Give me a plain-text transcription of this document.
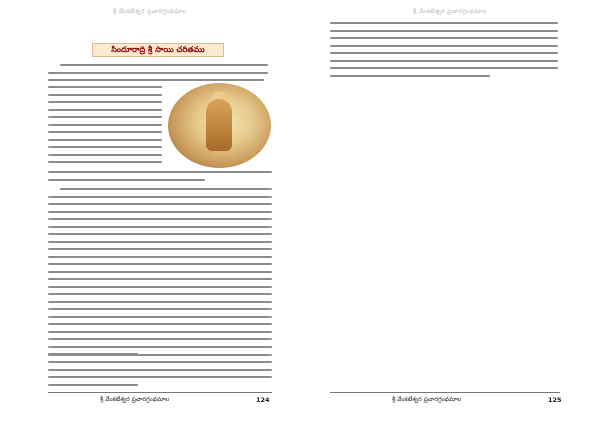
శ్రీ వేంకటేశ్వర ప్రచారగ్రంథమాల
సిందూరాద్రి శ్రీ సాయి చరితము
శ్రీ వేంకటేశ్వర ప్రచారగ్రంథమాల	124
శ్రీ వేంకటేశ్వర ప్రచారగ్రంథమాల
శ్రీ వేంకటేశ్వర ప్రచారగ్రంథమాల	125
